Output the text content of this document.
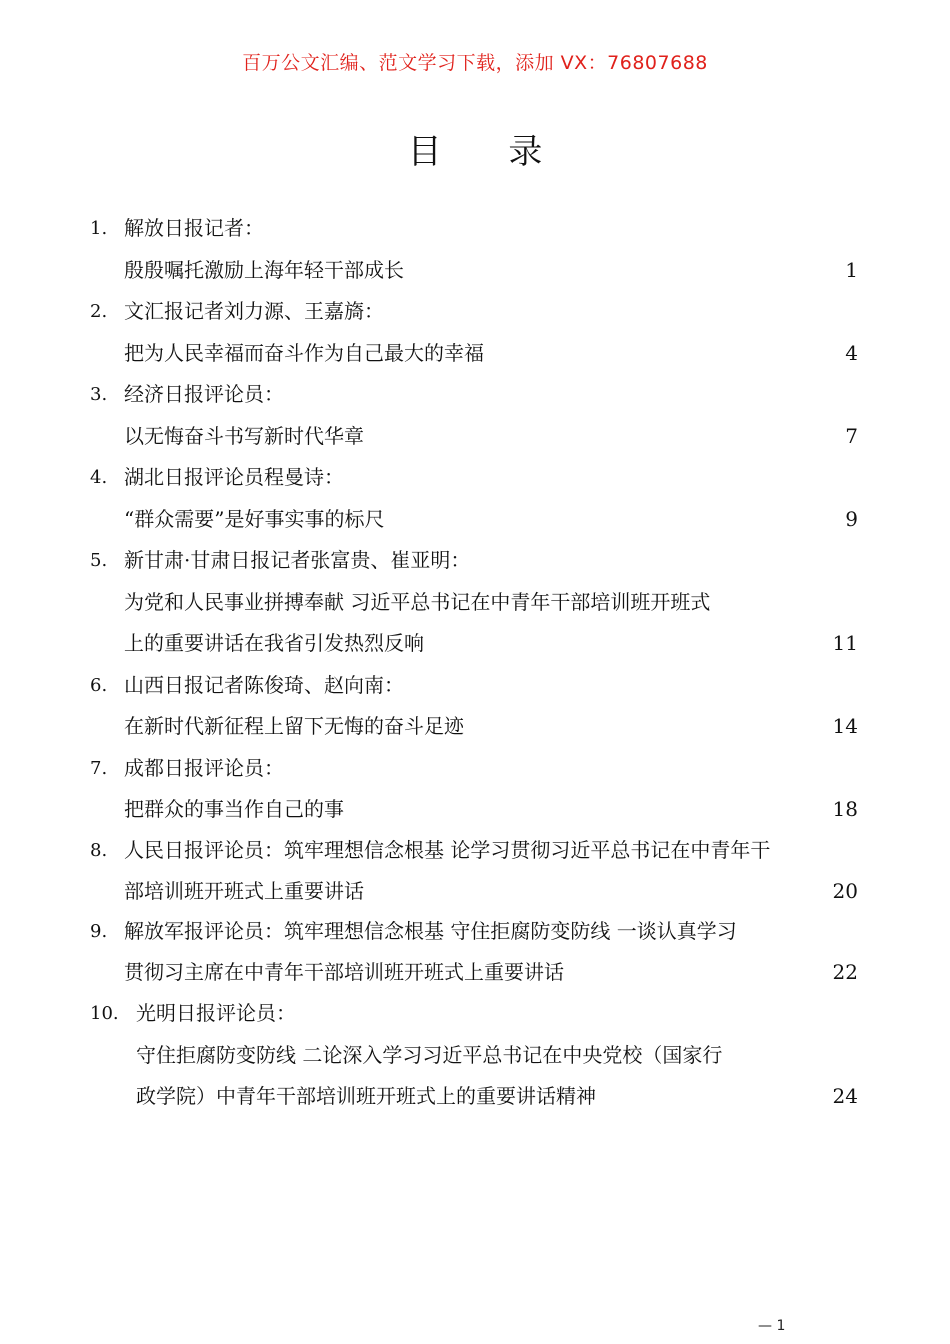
百万公文汇编、范文学习下载，添加 VX：76807688
目 录
1. 解放日报记者：
殷殷嘱托激励上海年轻干部成长	1
2. 文汇报记者刘力源、王嘉旖：
把为人民幸福而奋斗作为自己最大的幸福	4
3. 经济日报评论员：
以无悔奋斗书写新时代华章	7
4. 湖北日报评论员程曼诗：
“群众需要”是好事实事的标尺	9
5. 新甘肃·甘肃日报记者张富贵、崔亚明：
为党和人民事业拼搏奉献 习近平总书记在中青年干部培训班开班式
上的重要讲话在我省引发热烈反响	11
6. 山西日报记者陈俊琦、赵向南：
在新时代新征程上留下无悔的奋斗足迹	14
7. 成都日报评论员：
把群众的事当作自己的事	18
8. 人民日报评论员：筑牢理想信念根基 论学习贯彻习近平总书记在中青年干
部培训班开班式上重要讲话	20
9. 解放军报评论员：筑牢理想信念根基 守住拒腐防变防线 一谈认真学习
贯彻习主席在中青年干部培训班开班式上重要讲话	22
10. 光明日报评论员：
守住拒腐防变防线 二论深入学习习近平总书记在中央党校（国家行
政学院）中青年干部培训班开班式上的重要讲话精神	24
— 1
